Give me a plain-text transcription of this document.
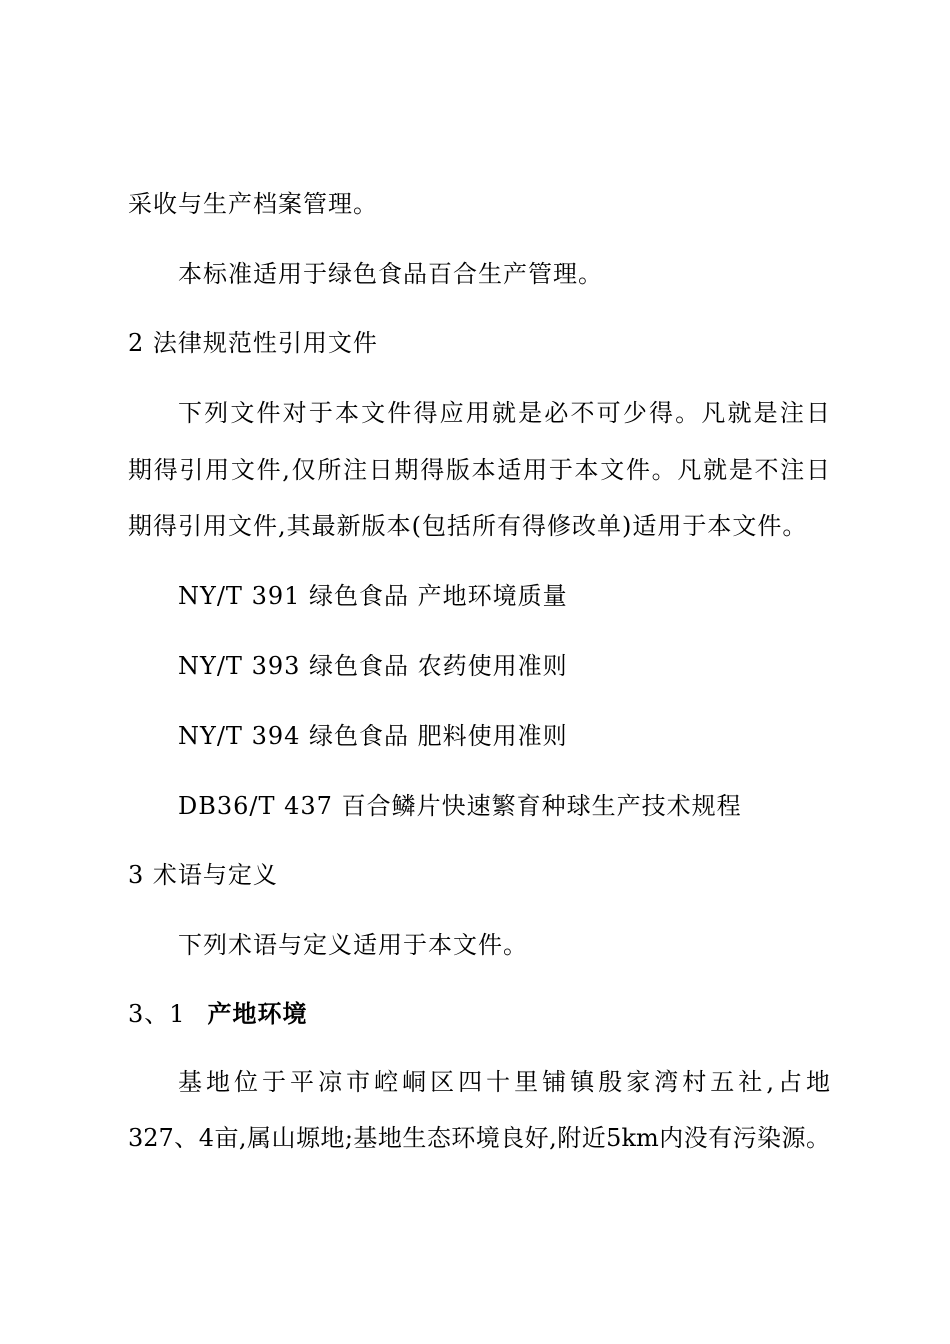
采收与生产档案管理。
本标准适用于绿色食品百合生产管理。
2 法律规范性引用文件
下列文件对于本文件得应用就是必不可少得。凡就是注日
期得引用文件,仅所注日期得版本适用于本文件。凡就是不注日
期得引用文件,其最新版本(包括所有得修改单)适用于本文件。
NY/T 391 绿色食品 产地环境质量
NY/T 393 绿色食品 农药使用准则
NY/T 394 绿色食品 肥料使用准则
DB36/T 437 百合鳞片快速繁育种球生产技术规程
3 术语与定义
下列术语与定义适用于本文件。
3、1 产地环境
基地位于平凉市崆峒区四十里铺镇殷家湾村五社,占地
327、4亩,属山塬地;基地生态环境良好,附近5km内没有污染源。
